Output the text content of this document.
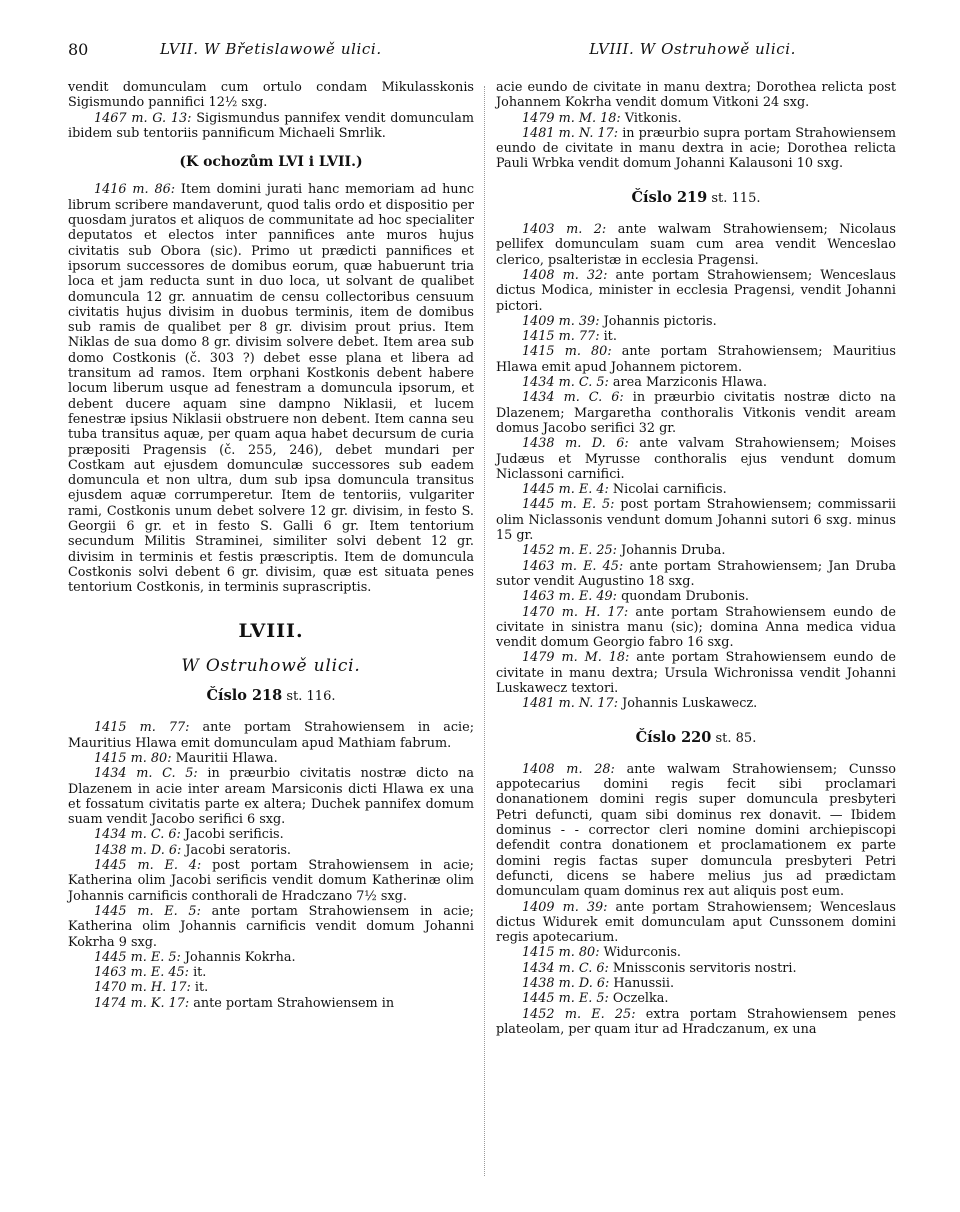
80	LVII. W Břetislawowě ulici.	LVIII. W Ostruhowě ulici.

vendit domunculam cum ortulo condam Mikulasskonis Sigismundo pannifici 12½ sxg.

1467 m. G. 13: Sigismundus pannifex vendit domunculam ibidem sub tentoriis pannificum Michaeli Smrlik.

(K ochozům LVI i LVII.)

1416 m. 86: Item domini jurati hanc memoriam ad hunc librum scribere mandaverunt, quod talis ordo et dispositio per quosdam juratos et aliquos de communitate ad hoc specialiter deputatos et electos inter pannifices ante muros hujus civitatis sub Obora (sic). Primo ut prædicti pannifices et ipsorum successores de domibus eorum, quæ habuerunt tria loca et jam reducta sunt in duo loca, ut solvant de qualibet domuncula 12 gr. annuatim de censu collectoribus censuum civitatis hujus divisim in duobus terminis, item de domibus sub ramis de qualibet per 8 gr. divisim prout prius. Item Niklas de sua domo 8 gr. divisim solvere debet. Item area sub domo Costkonis (č. 303 ?) debet esse plana et libera ad transitum ad ramos. Item orphani Kostkonis debent habere locum liberum usque ad fenestram a domuncula ipsorum, et debent ducere aquam sine dampno Niklasii, et lucem fenestræ ipsius Niklasii obstruere non debent. Item canna seu tuba transitus aquæ, per quam aqua habet decursum de curia præpositi Pragensis (č. 255, 246), debet mundari per Costkam aut ejusdem domunculæ successores sub eadem domuncula et non ultra, dum sub ipsa domuncula transitus ejusdem aquæ corrumperetur. Item de tentoriis, vulgariter rami, Costkonis unum debet solvere 12 gr. divisim, in festo S. Georgii 6 gr. et in festo S. Galli 6 gr. Item tentorium secundum Militis Straminei, similiter solvi debent 12 gr. divisim in terminis et festis præscriptis. Item de domuncula Costkonis solvi debent 6 gr. divisim, quæ est situata penes tentorium Costkonis, in terminis suprascriptis.

LVIII.
W Ostruhowě ulici.
Číslo 218 st. 116.

1415 m. 77: ante portam Strahowiensem in acie; Mauritius Hlawa emit domunculam apud Mathiam fabrum.

1415 m. 80: Mauritii Hlawa.

1434 m. C. 5: in præurbio civitatis nostræ dicto na Dlazenem in acie inter aream Marsiconis dicti Hlawa ex una et fossatum civitatis parte ex altera; Duchek pannifex domum suam vendit Jacobo serifici 6 sxg.

1434 m. C. 6: Jacobi serificis.

1438 m. D. 6: Jacobi seratoris.

1445 m. E. 4: post portam Strahowiensem in acie; Katherina olim Jacobi serificis vendit domum Katherinæ olim Johannis carnificis conthorali de Hradczano 7½ sxg.

1445 m. E. 5: ante portam Strahowiensem in acie; Katherina olim Johannis carnificis vendit domum Johanni Kokrha 9 sxg.

1445 m. E. 5: Johannis Kokrha.

1463 m. E. 45: it.

1470 m. H. 17: it.

1474 m. K. 17: ante portam Strahowiensem in

acie eundo de civitate in manu dextra; Dorothea relicta post Johannem Kokrha vendit domum Vitkoni 24 sxg.

1479 m. M. 18: Vitkonis.

1481 m. N. 17: in præurbio supra portam Strahowiensem eundo de civitate in manu dextra in acie; Dorothea relicta Pauli Wrbka vendit domum Johanni Kalausoni 10 sxg.

Číslo 219 st. 115.

1403 m. 2: ante walwam Strahowiensem; Nicolaus pellifex domunculam suam cum area vendit Wenceslao clerico, psalteristæ in ecclesia Pragensi.

1408 m. 32: ante portam Strahowiensem; Wenceslaus dictus Modica, minister in ecclesia Pragensi, vendit Johanni pictori.

1409 m. 39: Johannis pictoris.

1415 m. 77: it.

1415 m. 80: ante portam Strahowiensem; Mauritius Hlawa emit apud Johannem pictorem.

1434 m. C. 5: area Marziconis Hlawa.

1434 m. C. 6: in præurbio civitatis nostræ dicto na Dlazenem; Margaretha conthoralis Vitkonis vendit aream domus Jacobo serifici 32 gr.

1438 m. D. 6: ante valvam Strahowiensem; Moises Judæus et Myrusse conthoralis ejus vendunt domum Niclassoni carnifici.

1445 m. E. 4: Nicolai carnificis.

1445 m. E. 5: post portam Strahowiensem; commissarii olim Niclassonis vendunt domum Johanni sutori 6 sxg. minus 15 gr.

1452 m. E. 25: Johannis Druba.

1463 m. E. 45: ante portam Strahowiensem; Jan Druba sutor vendit Augustino 18 sxg.

1463 m. E. 49: quondam Drubonis.

1470 m. H. 17: ante portam Strahowiensem eundo de civitate in sinistra manu (sic); domina Anna medica vidua vendit domum Georgio fabro 16 sxg.

1479 m. M. 18: ante portam Strahowiensem eundo de civitate in manu dextra; Ursula Wichronissa vendit Johanni Luskawecz textori.

1481 m. N. 17: Johannis Luskawecz.

Číslo 220 st. 85.

1408 m. 28: ante walwam Strahowiensem; Cunsso appotecarius domini regis fecit sibi proclamari donanationem domini regis super domuncula presbyteri Petri defuncti, quam sibi dominus rex donavit. — Ibidem dominus - - corrector cleri nomine domini archiepiscopi defendit contra donationem et proclamationem ex parte domini regis factas super domuncula presbyteri Petri defuncti, dicens se habere melius jus ad prædictam domunculam quam dominus rex aut aliquis post eum.

1409 m. 39: ante portam Strahowiensem; Wenceslaus dictus Widurek emit domunculam aput Cunssonem domini regis apotecarium.

1415 m. 80: Widurconis.

1434 m. C. 6: Mnissconis servitoris nostri.

1438 m. D. 6: Hanussii.

1445 m. E. 5: Oczelka.

1452 m. E. 25: extra portam Strahowiensem penes plateolam, per quam itur ad Hradczanum, ex una
